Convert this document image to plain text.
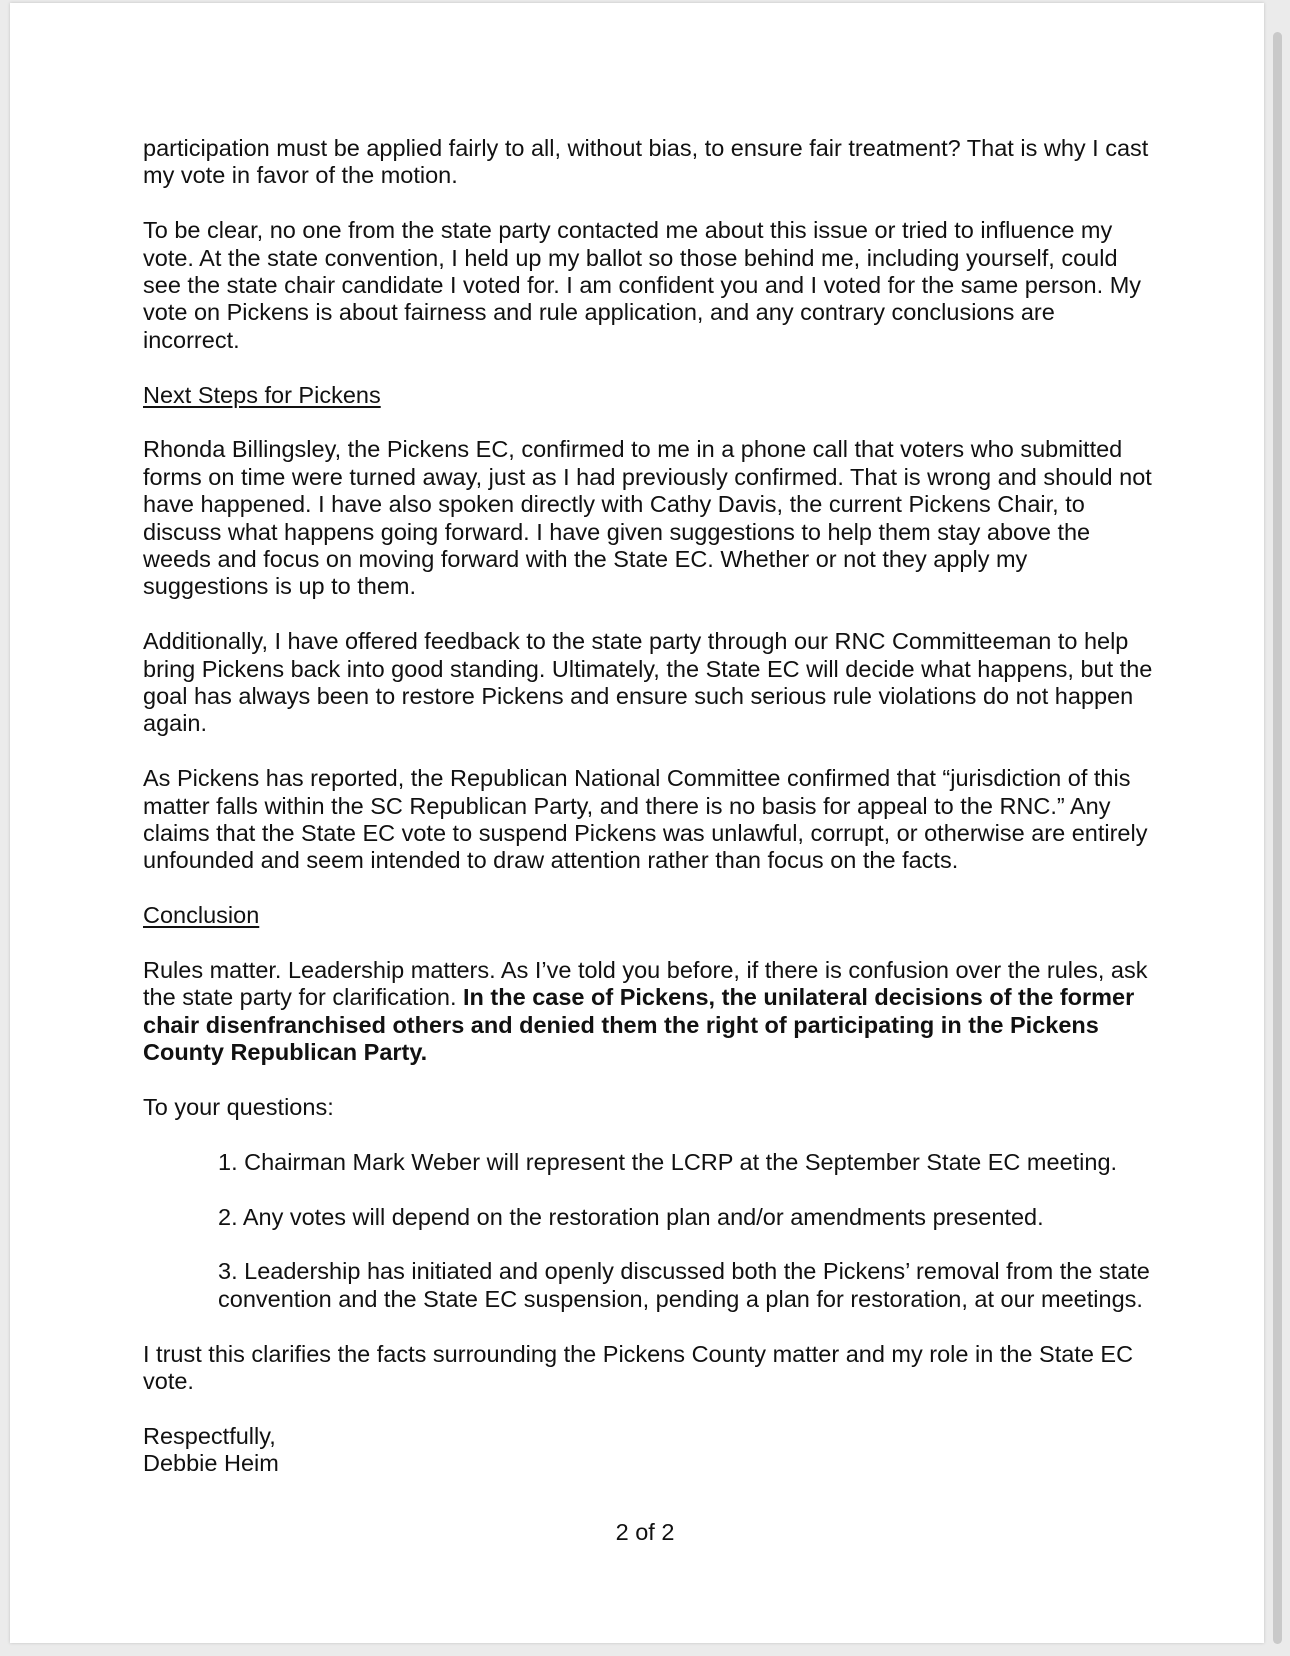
participation must be applied fairly to all, without bias, to ensure fair treatment? That is why I cast my vote in favor of the motion.

To be clear, no one from the state party contacted me about this issue or tried to influence my vote. At the state convention, I held up my ballot so those behind me, including yourself, could see the state chair candidate I voted for. I am confident you and I voted for the same person. My vote on Pickens is about fairness and rule application, and any contrary conclusions are incorrect.

Next Steps for Pickens

Rhonda Billingsley, the Pickens EC, confirmed to me in a phone call that voters who submitted forms on time were turned away, just as I had previously confirmed. That is wrong and should not have happened. I have also spoken directly with Cathy Davis, the current Pickens Chair, to discuss what happens going forward. I have given suggestions to help them stay above the weeds and focus on moving forward with the State EC. Whether or not they apply my suggestions is up to them.

Additionally, I have offered feedback to the state party through our RNC Committeeman to help bring Pickens back into good standing. Ultimately, the State EC will decide what happens, but the goal has always been to restore Pickens and ensure such serious rule violations do not happen again.

As Pickens has reported, the Republican National Committee confirmed that “jurisdiction of this matter falls within the SC Republican Party, and there is no basis for appeal to the RNC.” Any claims that the State EC vote to suspend Pickens was unlawful, corrupt, or otherwise are entirely unfounded and seem intended to draw attention rather than focus on the facts.

Conclusion

Rules matter. Leadership matters. As I’ve told you before, if there is confusion over the rules, ask the state party for clarification. In the case of Pickens, the unilateral decisions of the former chair disenfranchised others and denied them the right of participating in the Pickens County Republican Party.

To your questions:

1. Chairman Mark Weber will represent the LCRP at the September State EC meeting.

2. Any votes will depend on the restoration plan and/or amendments presented.

3. Leadership has initiated and openly discussed both the Pickens’ removal from the state convention and the State EC suspension, pending a plan for restoration, at our meetings.

I trust this clarifies the facts surrounding the Pickens County matter and my role in the State EC vote.

Respectfully,

Debbie Heim

2 of 2
